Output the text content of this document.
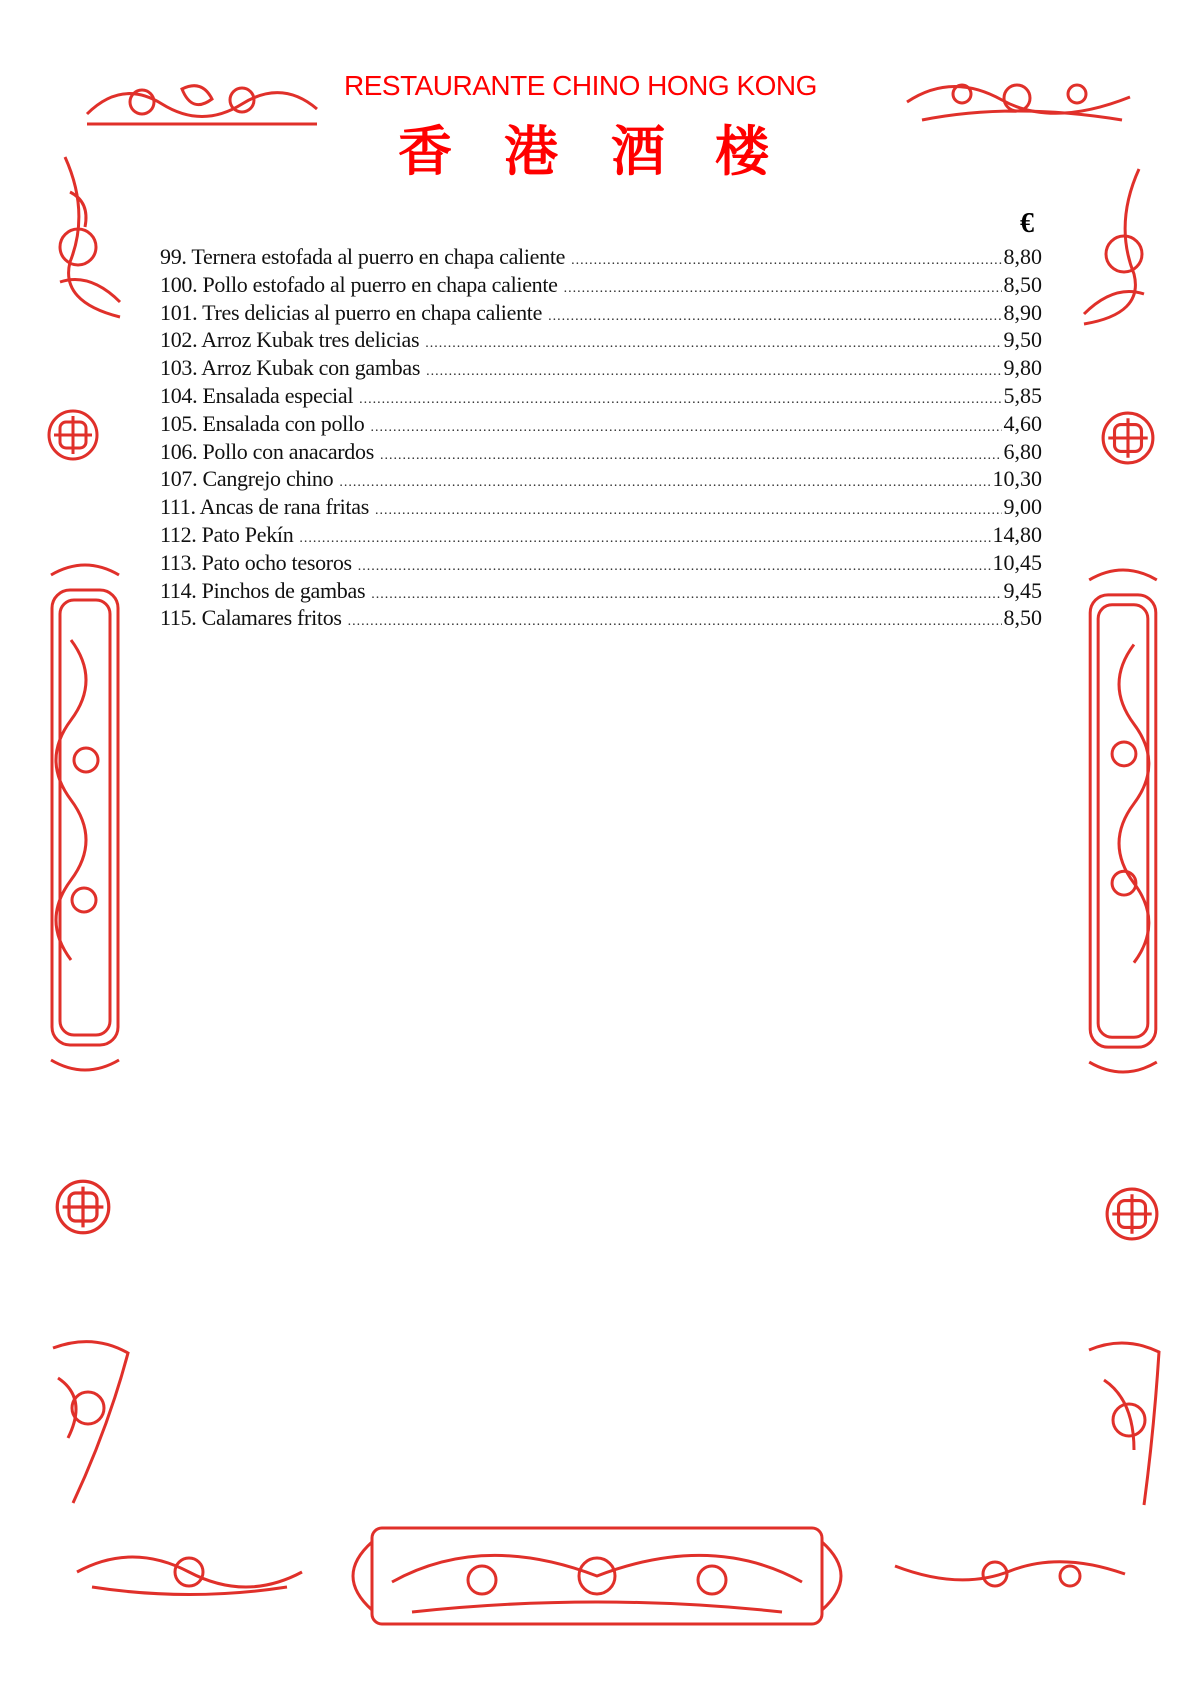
RESTAURANTE CHINO HONG KONG
香 港 酒 楼
€
99. Ternera estofada al puerro en chapa caliente .....	8,80
100. Pollo estofado al puerro en chapa caliente .....	8,50
101. Tres delicias al puerro en chapa caliente .....	8,90
102. Arroz Kubak tres delicias .....	9,50
103. Arroz Kubak con gambas .....	9,80
104. Ensalada especial .....	5,85
105. Ensalada con pollo .....	4,60
106. Pollo con anacardos .....	6,80
107. Cangrejo chino .....	10,30
111. Ancas de rana fritas .....	9,00
112. Pato Pekín .....	14,80
113. Pato ocho tesoros .....	10,45
114. Pinchos de gambas .....	9,45
115. Calamares fritos .....	8,50
